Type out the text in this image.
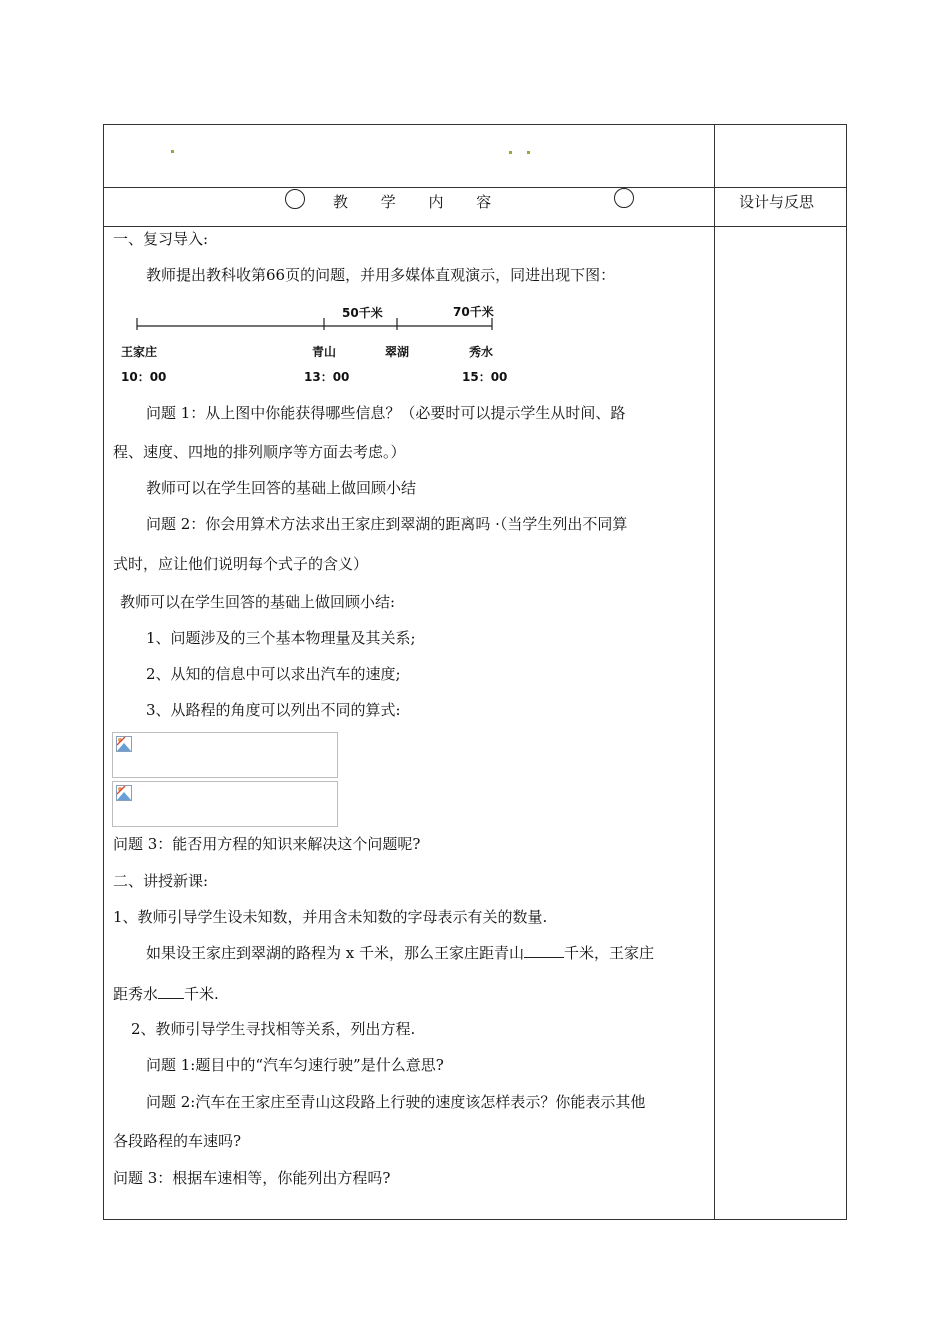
教 学 内 容	设计与反思
一、复习导入:
教师提出教科收第66页的问题，并用多媒体直观演示，同进出现下图：
50千米	70千米
王家庄	青山	翠湖	秀水
10：00	13：00	15：00
问题 1：从上图中你能获得哪些信息？（必要时可以提示学生从时间、路
程、速度、四地的排列顺序等方面去考虑。）
教师可以在学生回答的基础上做回顾小结
问题 2：你会用算术方法求出王家庄到翠湖的距离吗 ·（当学生列出不同算
式时，应让他们说明每个式子的含义）
教师可以在学生回答的基础上做回顾小结:
1、问题涉及的三个基本物理量及其关系;
2、从知的信息中可以求出汽车的速度;
3、从路程的角度可以列出不同的算式:
问题 3：能否用方程的知识来解决这个问题呢?
二、讲授新课:
1、教师引导学生设未知数，并用含未知数的字母表示有关的数量.
如果设王家庄到翠湖的路程为 x 千米，那么王家庄距青山	千米，王家庄
距秀水 千米.
2、教师引导学生寻找相等关系，列出方程.
问题 1:题目中的“汽车匀速行驶”是什么意思?
问题 2:汽车在王家庄至青山这段路上行驶的速度该怎样表示？你能表示其他
各段路程的车速吗?
问题 3：根据车速相等，你能列出方程吗?
